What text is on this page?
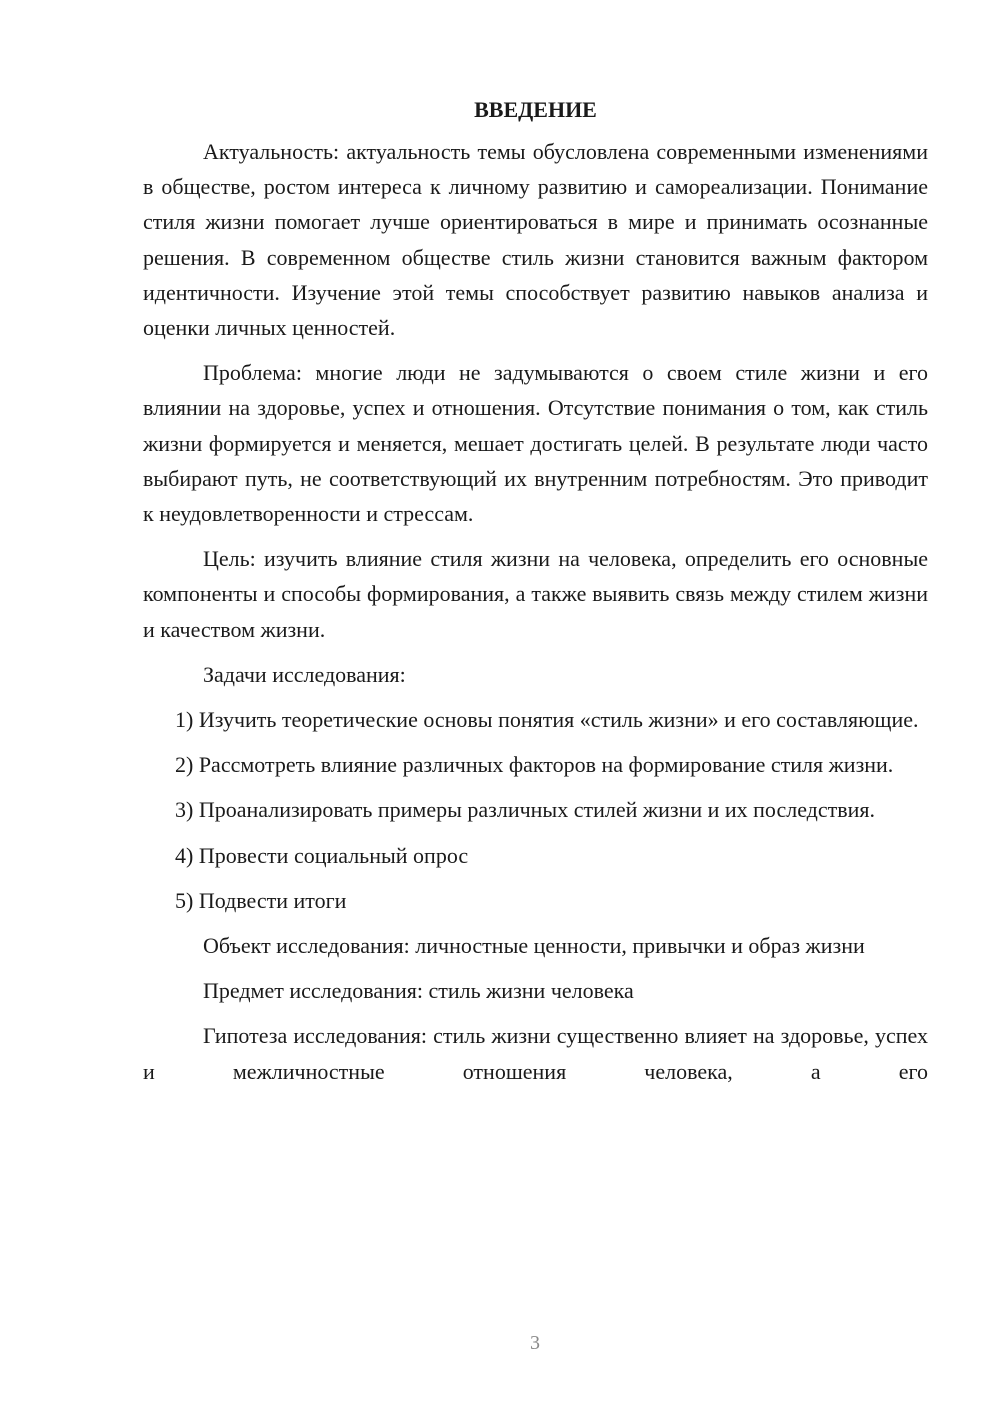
ВВЕДЕНИЕ

Актуальность: актуальность темы обусловлена современными изменениями в обществе, ростом интереса к личному развитию и самореализации. Понимание стиля жизни помогает лучше ориентироваться в мире и принимать осознанные решения. В современном обществе стиль жизни становится важным фактором идентичности. Изучение этой темы способствует развитию навыков анализа и оценки личных ценностей.

Проблема: многие люди не задумываются о своем стиле жизни и его влиянии на здоровье, успех и отношения. Отсутствие понимания о том, как стиль жизни формируется и меняется, мешает достигать целей. В результате люди часто выбирают путь, не соответствующий их внутренним потребностям. Это приводит к неудовлетворенности и стрессам.

Цель: изучить влияние стиля жизни на человека, определить его основные компоненты и способы формирования, а также выявить связь между стилем жизни и качеством жизни.

Задачи исследования:

1) Изучить теоретические основы понятия «стиль жизни» и его составляющие.

2) Рассмотреть влияние различных факторов на формирование стиля жизни.

3) Проанализировать примеры различных стилей жизни и их последствия.

4) Провести социальный опрос

5) Подвести итоги

Объект исследования: личностные ценности, привычки и образ жизни

Предмет исследования: стиль жизни человека

Гипотеза исследования: стиль жизни существенно влияет на здоровье, успех и межличностные отношения человека, а его

3
